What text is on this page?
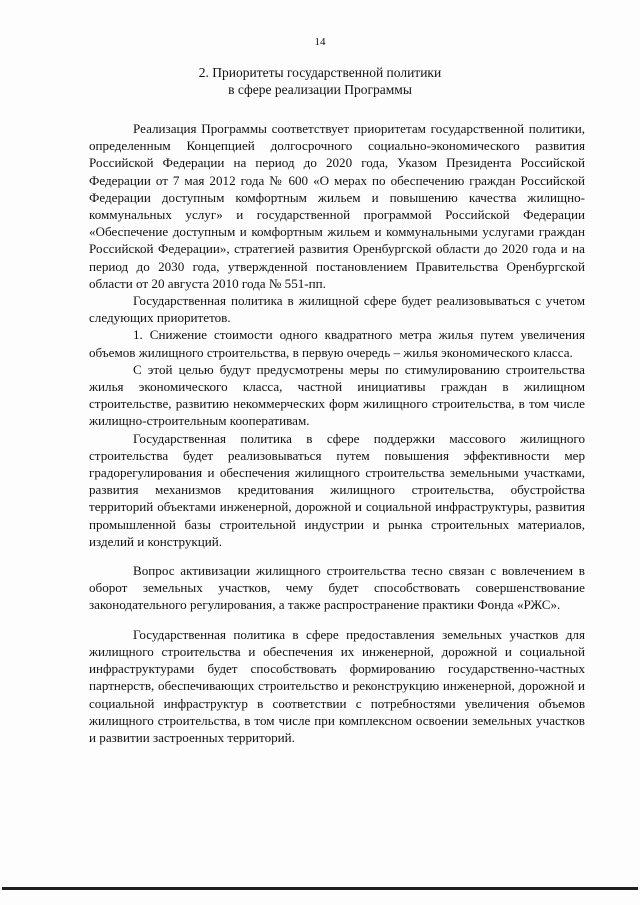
14
2. Приоритеты государственной политики
в сфере реализации Программы

Реализация Программы соответствует приоритетам государственной политики, определенным Концепцией долгосрочного социально-экономического развития Российской Федерации на период до 2020 года, Указом Президента Российской Федерации от 7 мая 2012 года № 600 «О мерах по обеспечению граждан Российской Федерации доступным комфортным жильем и повышению качества жилищно-коммунальных услуг» и государственной программой Российской Федерации «Обеспечение доступным и комфортным жильем и коммунальными услугами граждан Российской Федерации», стратегией развития Оренбургской области до 2020 года и на период до 2030 года, утвержденной постановлением Правительства Оренбургской области от 20 августа 2010 года № 551-пп.

Государственная политика в жилищной сфере будет реализовываться с учетом следующих приоритетов.

1. Снижение стоимости одного квадратного метра жилья путем увеличения объемов жилищного строительства, в первую очередь – жилья экономического класса.

С этой целью будут предусмотрены меры по стимулированию строительства жилья экономического класса, частной инициативы граждан в жилищном строительстве, развитию некоммерческих форм жилищного строительства, в том числе жилищно-строительным кооперативам.

Государственная политика в сфере поддержки массового жилищного строительства будет реализовываться путем повышения эффективности мер градорегулирования и обеспечения жилищного строительства земельными участками, развития механизмов кредитования жилищного строительства, обустройства территорий объектами инженерной, дорожной и социальной инфраструктуры, развития промышленной базы строительной индустрии и рынка строительных материалов, изделий и конструкций.

Вопрос активизации жилищного строительства тесно связан с вовлечением в оборот земельных участков, чему будет способствовать совершенствование законодательного регулирования, а также распространение практики Фонда «РЖС».

Государственная политика в сфере предоставления земельных участков для жилищного строительства и обеспечения их инженерной, дорожной и социальной инфраструктурами будет способствовать формированию государственно-частных партнерств, обеспечивающих строительство и реконструкцию инженерной, дорожной и социальной инфраструктур в соответствии с потребностями увеличения объемов жилищного строительства, в том числе при комплексном освоении земельных участков и развитии застроенных территорий.
